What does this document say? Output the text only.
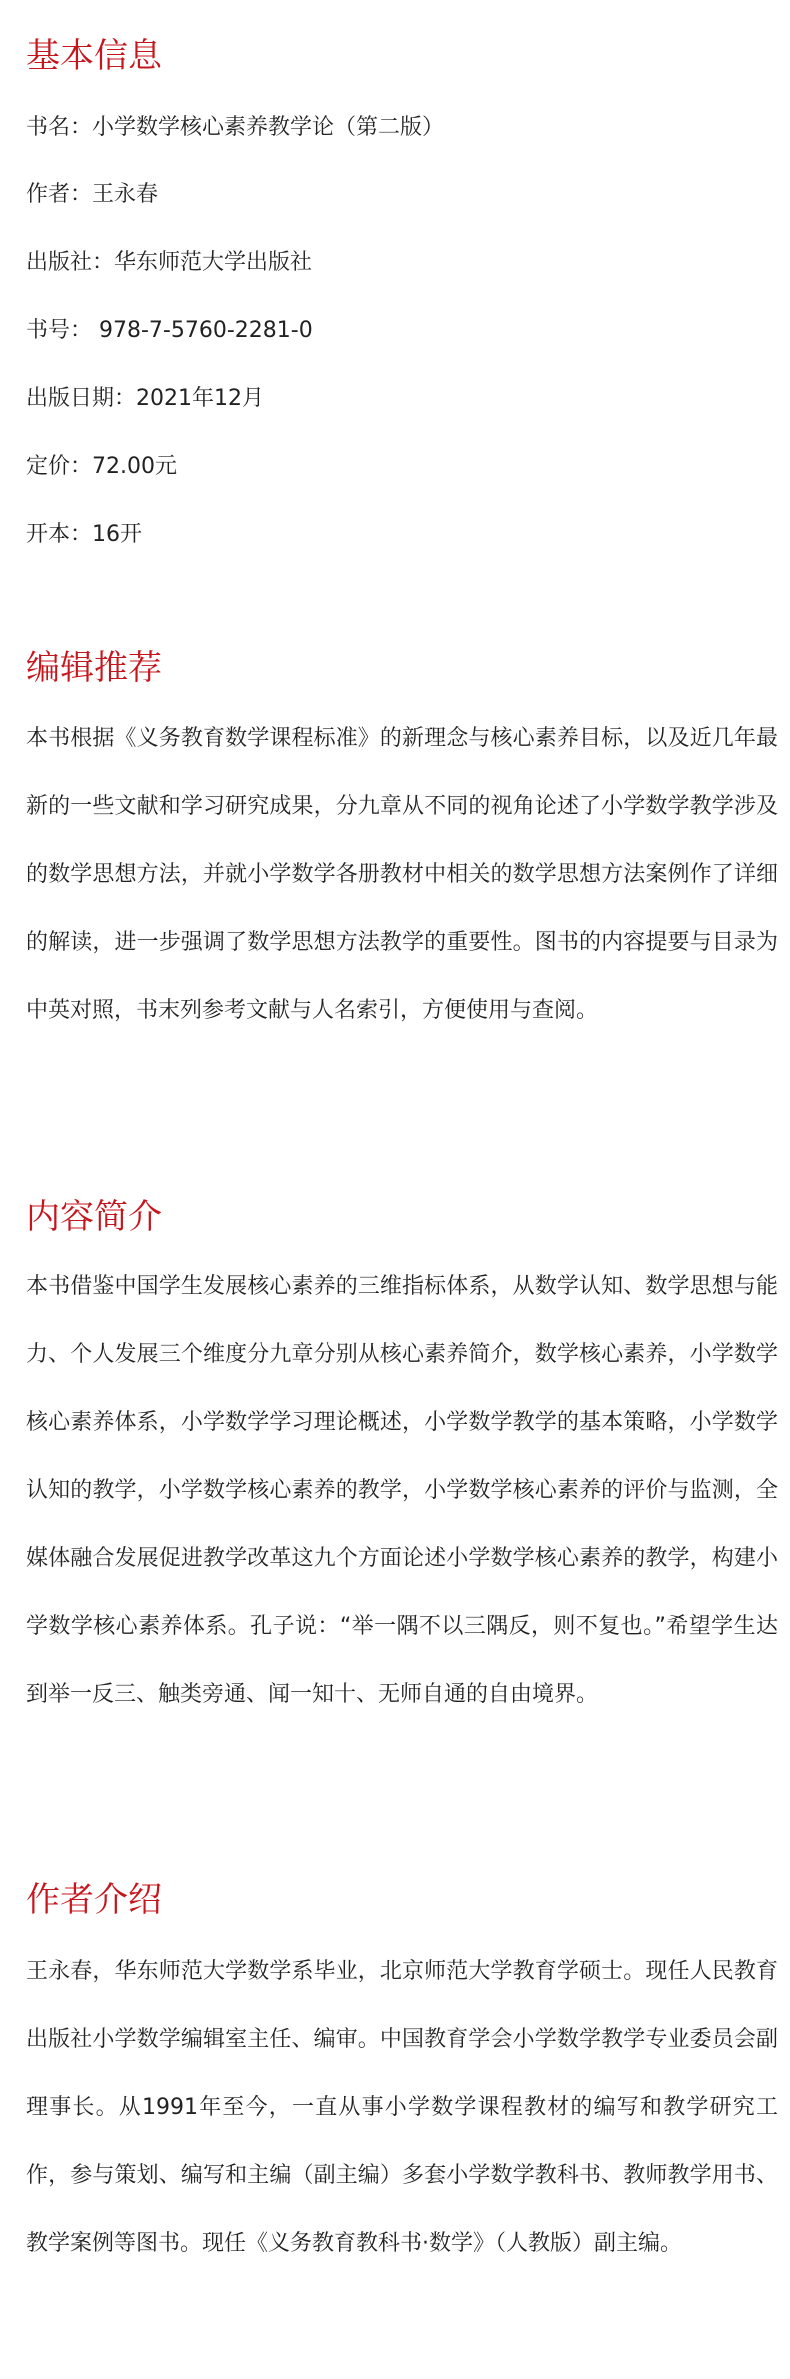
基本信息

书名：小学数学核心素养教学论（第二版）

作者：王永春

出版社：华东师范大学出版社

书号： 978-7-5760-2281-0

出版日期：2021年12月

定价：72.00元

开本：16开

编辑推荐

本书根据《义务教育数学课程标准》的新理念与核心素养目标，以及近几年最新的一些文献和学习研究成果，分九章从不同的视角论述了小学数学教学涉及的数学思想方法，并就小学数学各册教材中相关的数学思想方法案例作了详细的解读，进一步强调了数学思想方法教学的重要性。图书的内容提要与目录为中英对照，书末列参考文献与人名索引，方便使用与查阅。

内容简介

本书借鉴中国学生发展核心素养的三维指标体系，从数学认知、数学思想与能力、个人发展三个维度分九章分别从核心素养简介，数学核心素养，小学数学核心素养体系，小学数学学习理论概述，小学数学教学的基本策略，小学数学认知的教学，小学数学核心素养的教学，小学数学核心素养的评价与监测，全媒体融合发展促进教学改革这九个方面论述小学数学核心素养的教学，构建小学数学核心素养体系。孔子说：“举一隅不以三隅反，则不复也。”希望学生达到举一反三、触类旁通、闻一知十、无师自通的自由境界。

作者介绍

王永春，华东师范大学数学系毕业，北京师范大学教育学硕士。现任人民教育出版社小学数学编辑室主任、编审。中国教育学会小学数学教学专业委员会副理事长。从1991年至今，一直从事小学数学课程教材的编写和教学研究工作，参与策划、编写和主编（副主编）多套小学数学教科书、教师教学用书、教学案例等图书。现任《义务教育教科书·数学》（人教版）副主编。
